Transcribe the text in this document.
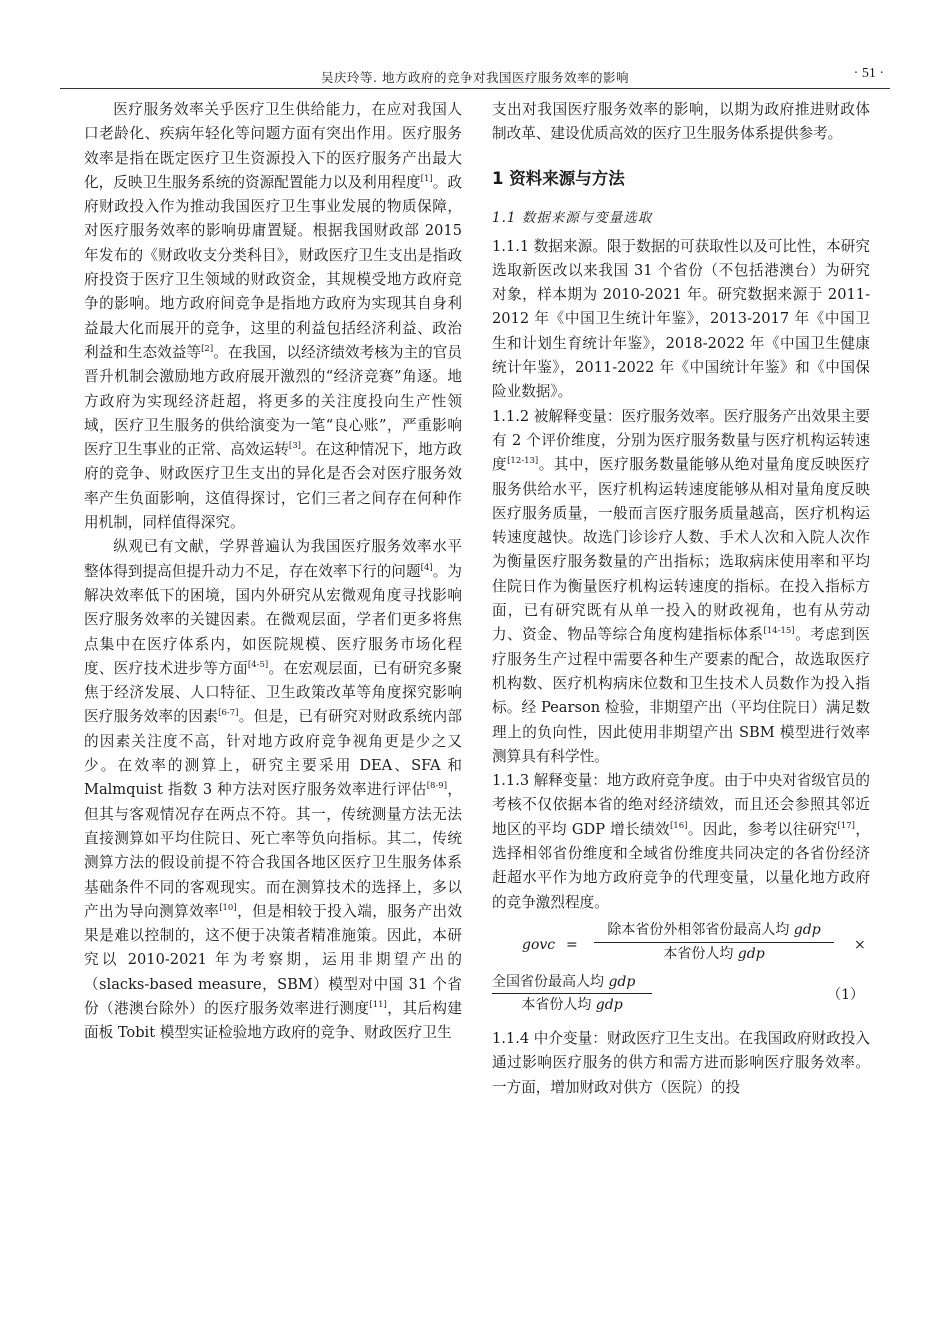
吴庆玲等. 地方政府的竞争对我国医疗服务效率的影响	· 51 ·

医疗服务效率关乎医疗卫生供给能力，在应对我国人口老龄化、疾病年轻化等问题方面有突出作用。医疗服务效率是指在既定医疗卫生资源投入下的医疗服务产出最大化，反映卫生服务系统的资源配置能力以及利用程度[1]。政府财政投入作为推动我国医疗卫生事业发展的物质保障，对医疗服务效率的影响毋庸置疑。根据我国财政部 2015 年发布的《财政收支分类科目》，财政医疗卫生支出是指政府投资于医疗卫生领域的财政资金，其规模受地方政府竞争的影响。地方政府间竞争是指地方政府为实现其自身利益最大化而展开的竞争，这里的利益包括经济利益、政治利益和生态效益等[2]。在我国，以经济绩效考核为主的官员晋升机制会激励地方政府展开激烈的“经济竞赛”角逐。地方政府为实现经济赶超，将更多的关注度投向生产性领域，医疗卫生服务的供给演变为一笔“良心账”，严重影响医疗卫生事业的正常、高效运转[3]。在这种情况下，地方政府的竞争、财政医疗卫生支出的异化是否会对医疗服务效率产生负面影响，这值得探讨，它们三者之间存在何种作用机制，同样值得深究。

纵观已有文献，学界普遍认为我国医疗服务效率水平整体得到提高但提升动力不足，存在效率下行的问题[4]。为解决效率低下的困境，国内外研究从宏微观角度寻找影响医疗服务效率的关键因素。在微观层面，学者们更多将焦点集中在医疗体系内，如医院规模、医疗服务市场化程度、医疗技术进步等方面[4-5]。在宏观层面，已有研究多聚焦于经济发展、人口特征、卫生政策改革等角度探究影响医疗服务效率的因素[6-7]。但是，已有研究对财政系统内部的因素关注度不高，针对地方政府竞争视角更是少之又少。在效率的测算上，研究主要采用 DEA、SFA 和 Malmquist 指数 3 种方法对医疗服务效率进行评估[8-9]，但其与客观情况存在两点不符。其一，传统测量方法无法直接测算如平均住院日、死亡率等负向指标。其二，传统测算方法的假设前提不符合我国各地区医疗卫生服务体系基础条件不同的客观现实。而在测算技术的选择上，多以产出为导向测算效率[10]，但是相较于投入端，服务产出效果是难以控制的，这不便于决策者精准施策。因此，本研究以 2010-2021 年为考察期，运用非期望产出的（slacks-based measure，SBM）模型对中国 31 个省份（港澳台除外）的医疗服务效率进行测度[11]，其后构建面板 Tobit 模型实证检验地方政府的竞争、财政医疗卫生

支出对我国医疗服务效率的影响，以期为政府推进财政体制改革、建设优质高效的医疗卫生服务体系提供参考。

1 资料来源与方法
1.1 数据来源与变量选取

1.1.1 数据来源。限于数据的可获取性以及可比性，本研究选取新医改以来我国 31 个省份（不包括港澳台）为研究对象，样本期为 2010-2021 年。研究数据来源于 2011-2012 年《中国卫生统计年鉴》，2013-2017 年《中国卫生和计划生育统计年鉴》，2018-2022 年《中国卫生健康统计年鉴》，2011-2022 年《中国统计年鉴》和《中国保险业数据》。

1.1.2 被解释变量：医疗服务效率。医疗服务产出效果主要有 2 个评价维度，分别为医疗服务数量与医疗机构运转速度[12-13]。其中，医疗服务数量能够从绝对量角度反映医疗服务供给水平，医疗机构运转速度能够从相对量角度反映医疗服务质量，一般而言医疗服务质量越高，医疗机构运转速度越快。故选门诊诊疗人数、手术人次和入院人次作为衡量医疗服务数量的产出指标；选取病床使用率和平均住院日作为衡量医疗机构运转速度的指标。在投入指标方面，已有研究既有从单一投入的财政视角，也有从劳动力、资金、物品等综合角度构建指标体系[14-15]。考虑到医疗服务生产过程中需要各种生产要素的配合，故选取医疗机构数、医疗机构病床位数和卫生技术人员数作为投入指标。经 Pearson 检验，非期望产出（平均住院日）满足数理上的负向性，因此使用非期望产出 SBM 模型进行效率测算具有科学性。

1.1.3 解释变量：地方政府竞争度。由于中央对省级官员的考核不仅依据本省的绝对经济绩效，而且还会参照其邻近地区的平均 GDP 增长绩效[16]。因此，参考以往研究[17]，选择相邻省份维度和全域省份维度共同决定的各省份经济赶超水平作为地方政府竞争的代理变量，以量化地方政府的竞争激烈程度。

govc =
除本省份外相邻省份最高人均 gdp
本省份人均 gdp
×
全国省份最高人均 gdp
本省份人均 gdp
（1）

1.1.4 中介变量：财政医疗卫生支出。在我国政府财政投入通过影响医疗服务的供方和需方进而影响医疗服务效率。一方面，增加财政对供方（医院）的投
